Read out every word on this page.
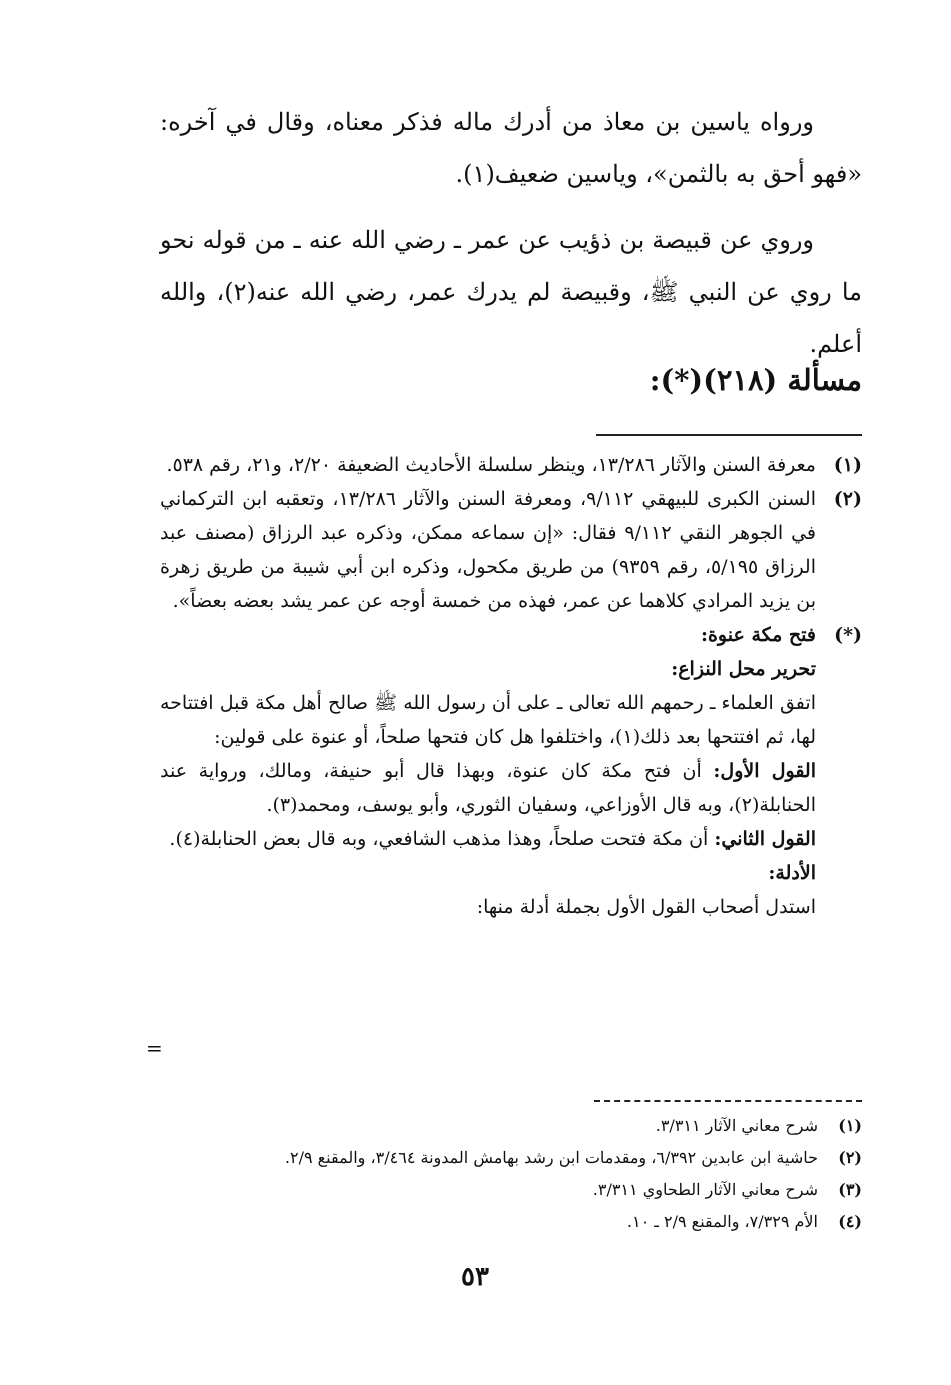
ورواه ياسين بن معاذ من أدرك ماله فذكر معناه، وقال في آخره: «فهو أحق به بالثمن»، وياسين ضعيف(١).

وروي عن قبيصة بن ذؤيب عن عمر ـ رضي الله عنه ـ من قوله نحو ما روي عن النبي ﷺ، وقبيصة لم يدرك عمر، رضي الله عنه(٢)، والله أعلم.

مسألة (٢١٨)(*):
(١)
معرفة السنن والآثار ١٣/٢٨٦، وينظر سلسلة الأحاديث الضعيفة ٢/٢٠، و٢١، رقم ٥٣٨.
(٢)
السنن الكبرى للبيهقي ٩/١١٢، ومعرفة السنن والآثار ١٣/٢٨٦، وتعقبه ابن التركماني في الجوهر النقي ٩/١١٢ فقال: «إن سماعه ممكن، وذكره عبد الرزاق (مصنف عبد الرزاق ٥/١٩٥، رقم ٩٣٥٩) من طريق مكحول، وذكره ابن أبي شيبة من طريق زهرة بن يزيد المرادي كلاهما عن عمر، فهذه من خمسة أوجه عن عمر يشد بعضه بعضاً».
(*)

فتح مكة عنوة:

تحرير محل النزاع:

اتفق العلماء ـ رحمهم الله تعالى ـ على أن رسول الله ﷺ صالح أهل مكة قبل افتتاحه لها، ثم افتتحها بعد ذلك(١)، واختلفوا هل كان فتحها صلحاً، أو عنوة على قولين:

القول الأول: أن فتح مكة كان عنوة، وبهذا قال أبو حنيفة، ومالك، ورواية عند الحنابلة(٢)، وبه قال الأوزاعي، وسفيان الثوري، وأبو يوسف، ومحمد(٣).

القول الثاني: أن مكة فتحت صلحاً، وهذا مذهب الشافعي، وبه قال بعض الحنابلة(٤).

الأدلة:

استدل أصحاب القول الأول بجملة أدلة منها:

=
(١)
شرح معاني الآثار ٣/٣١١.
(٢)
حاشية ابن عابدين ٦/٣٩٢، ومقدمات ابن رشد بهامش المدونة ٣/٤٦٤، والمقنع ٢/٩.
(٣)
شرح معاني الآثار الطحاوي ٣/٣١١.
(٤)
الأم ٧/٣٢٩، والمقنع ٢/٩ ـ ١٠.
٥٣
